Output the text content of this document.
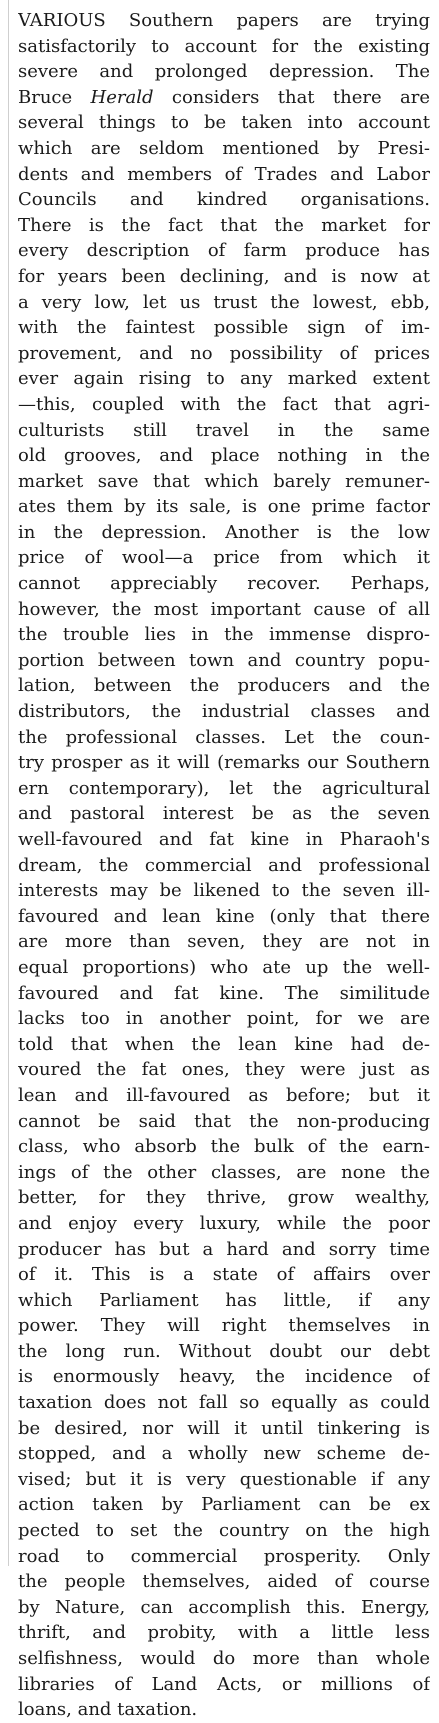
VARIOUS Southern papers are trying
satisfactorily to account for the existing
severe and prolonged depression. The
Bruce Herald considers that there are
several things to be taken into account
which are seldom mentioned by Presi-
dents and members of Trades and Labor
Councils and kindred organisations.
There is the fact that the market for
every description of farm produce has
for years been declining, and is now at
a very low, let us trust the lowest, ebb,
with the faintest possible sign of im-
provement, and no possibility of prices
ever again rising to any marked extent
—this, coupled with the fact that agri-
culturists still travel in the same
old grooves, and place nothing in the
market save that which barely remuner-
ates them by its sale, is one prime factor
in the depression. Another is the low
price of wool—a price from which it
cannot appreciably recover. Perhaps,
however, the most important cause of all
the trouble lies in the immense dispro-
portion between town and country popu-
lation, between the producers and the
distributors, the industrial classes and
the professional classes. Let the coun-
try prosper as it will (remarks our Southern
ern contemporary), let the agricultural
and pastoral interest be as the seven
well-favoured and fat kine in Pharaoh's
dream, the commercial and professional
interests may be likened to the seven ill-
favoured and lean kine (only that there
are more than seven, they are not in
equal proportions) who ate up the well-
favoured and fat kine. The similitude
lacks too in another point, for we are
told that when the lean kine had de-
voured the fat ones, they were just as
lean and ill-favoured as before; but it
cannot be said that the non-producing
class, who absorb the bulk of the earn-
ings of the other classes, are none the
better, for they thrive, grow wealthy,
and enjoy every luxury, while the poor
producer has but a hard and sorry time
of it. This is a state of affairs over
which Parliament has little, if any
power. They will right themselves in
the long run. Without doubt our debt
is enormously heavy, the incidence of
taxation does not fall so equally as could
be desired, nor will it until tinkering is
stopped, and a wholly new scheme de-
vised; but it is very questionable if any
action taken by Parliament can be ex
pected to set the country on the high
road to commercial prosperity. Only
the people themselves, aided of course
by Nature, can accomplish this. Energy,
thrift, and probity, with a little less
selfishness, would do more than whole
libraries of Land Acts, or millions of
loans, and taxation.
